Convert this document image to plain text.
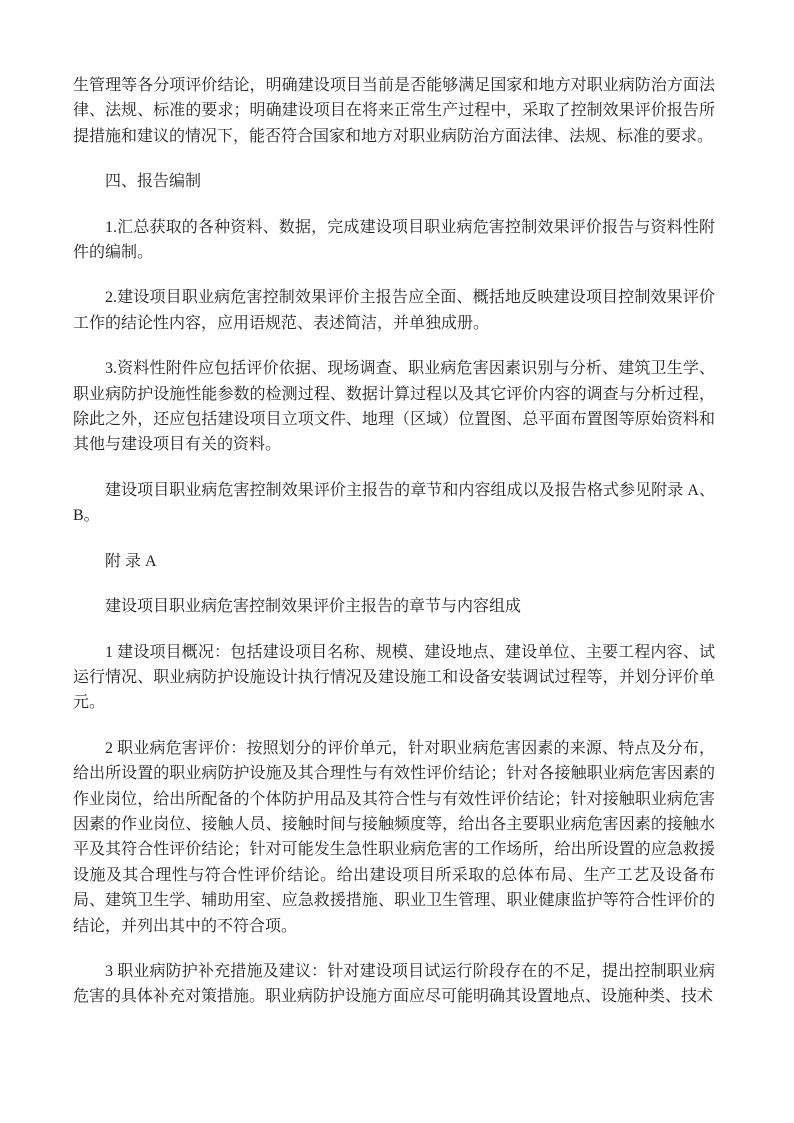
生管理等各分项评价结论，明确建设项目当前是否能够满足国家和地方对职业病防治方面法律、法规、标准的要求；明确建设项目在将来正常生产过程中，采取了控制效果评价报告所提措施和建议的情况下，能否符合国家和地方对职业病防治方面法律、法规、标准的要求。

四、报告编制

1.汇总获取的各种资料、数据，完成建设项目职业病危害控制效果评价报告与资料性附件的编制。

2.建设项目职业病危害控制效果评价主报告应全面、概括地反映建设项目控制效果评价工作的结论性内容，应用语规范、表述简洁，并单独成册。

3.资料性附件应包括评价依据、现场调查、职业病危害因素识别与分析、建筑卫生学、职业病防护设施性能参数的检测过程、数据计算过程以及其它评价内容的调查与分析过程，除此之外，还应包括建设项目立项文件、地理（区域）位置图、总平面布置图等原始资料和其他与建设项目有关的资料。

建设项目职业病危害控制效果评价主报告的章节和内容组成以及报告格式参见附录 A、B。

附 录 A

建设项目职业病危害控制效果评价主报告的章节与内容组成

1 建设项目概况：包括建设项目名称、规模、建设地点、建设单位、主要工程内容、试运行情况、职业病防护设施设计执行情况及建设施工和设备安装调试过程等，并划分评价单元。

2 职业病危害评价：按照划分的评价单元，针对职业病危害因素的来源、特点及分布，给出所设置的职业病防护设施及其合理性与有效性评价结论；针对各接触职业病危害因素的作业岗位，给出所配备的个体防护用品及其符合性与有效性评价结论；针对接触职业病危害因素的作业岗位、接触人员、接触时间与接触频度等，给出各主要职业病危害因素的接触水平及其符合性评价结论；针对可能发生急性职业病危害的工作场所，给出所设置的应急救援设施及其合理性与符合性评价结论。给出建设项目所采取的总体布局、生产工艺及设备布局、建筑卫生学、辅助用室、应急救援措施、职业卫生管理、职业健康监护等符合性评价的结论，并列出其中的不符合项。

3 职业病防护补充措施及建议：针对建设项目试运行阶段存在的不足，提出控制职业病危害的具体补充对策措施。职业病防护设施方面应尽可能明确其设置地点、设施种类、技术
